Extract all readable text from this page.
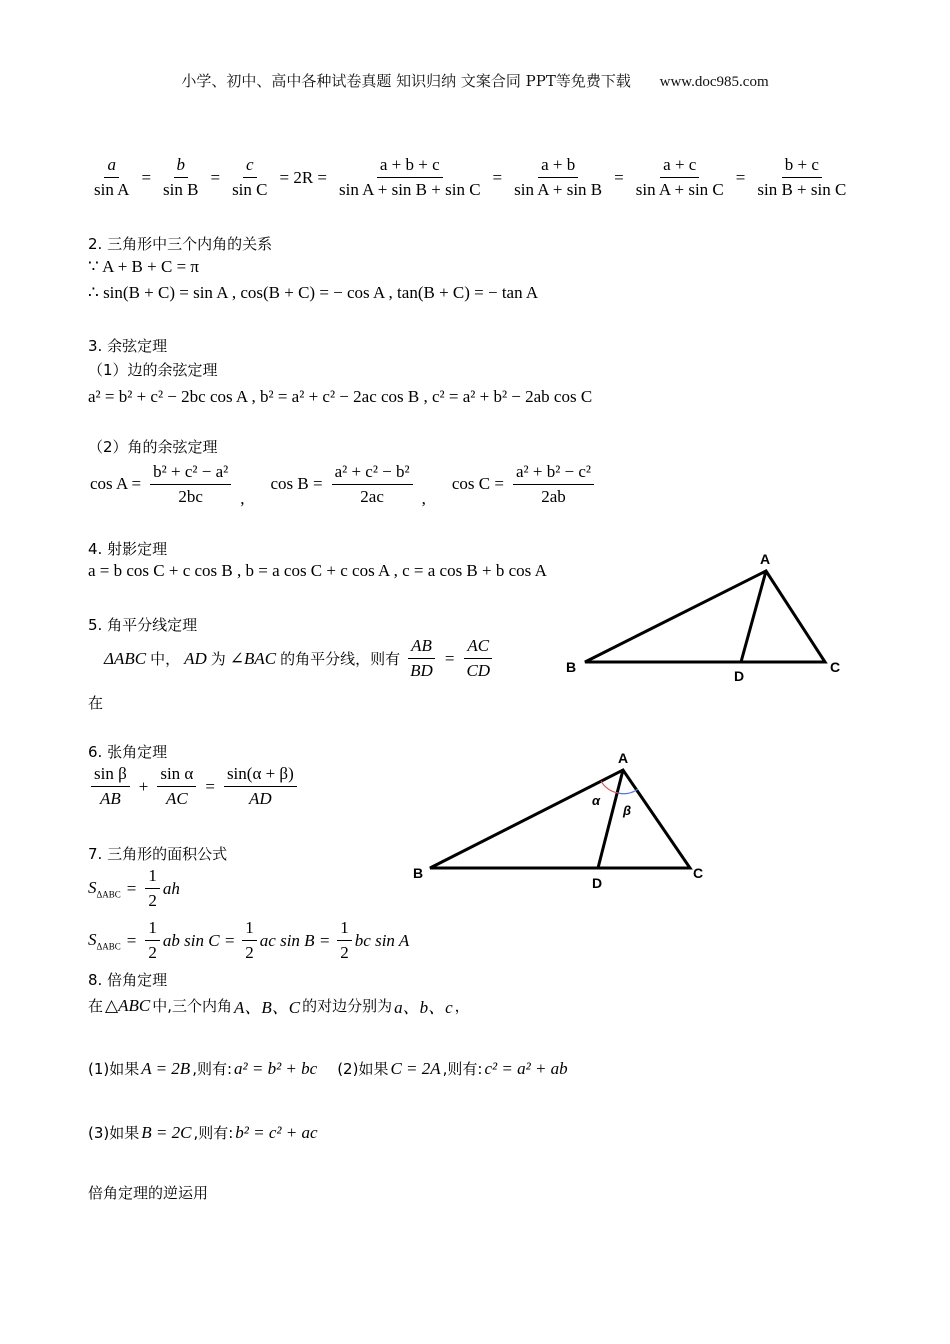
小学、初中、高中各种试卷真题 知识归纳 文案合同 PPT等免费下载 www.doc985.com
$\frac{a}{\text{sin A}} = \frac{b}{\text{sin B}} = \frac{c}{\text{sin C}} = 2R = \frac{a + b + c}{\text{sin A + sin B + sin C}} = \frac{a + b}{\text{sin A + sin B}} = \frac{a + c}{\text{sin A + sin C}} = \frac{b + c}{\text{sin B + sin C}}$
2. 三角形中三个内角的关系
∵ A + B + C = π
∴ sin(B + C) = sin A , cos(B + C) = − cos A , tan(B + C) = − tan A
3. 余弦定理
（1）边的余弦定理
a² = b² + c² − 2bc cos A , b² = a² + c² − 2ac cos B , c² = a² + b² − 2ab cos C
（2）角的余弦定理
$\cos A = \frac{\text{b² + c² − a²}}{2bc}$ ,
$\cos B = \frac{\text{a² + c² − b²}}{2ac}$ ,
$\cos C = \frac{\text{a² + b² − c²}}{2ab}$
4. 射影定理
a = b cos C + c cos B , b = a cos C + c cos A , c = a cos B + b cos A
5. 角平分线定理
ΔABC 中， AD 为 ∠BAC 的角平分线，则有 $\frac{AB}{BD} = \frac{AC}{CD}$
在
A
B	C
D
6. 张角定理
$\frac{\text{sin β}}{AB} + \frac{\text{sin α}}{AC} = \frac{\sin(\alpha + \beta)}{AD}$
A
B	C
D
α
β
7. 三角形的面积公式
$S_{\Delta ABC} = \frac{1}{2}$ ah
$S_{\Delta ABC} = \frac{1}{2}$ ab $\sin C = \frac{1}{2}$ ac $\sin B = \frac{1}{2}$ bc sin A
8. 倍角定理
在 △ABC 中,三个内角 A、B、C 的对边分别为 a、b、c ，
(1)如果 A = 2B ,则有: a² = b² + bc (2)如果 C = 2A ,则有: c² = a² + ab
(3)如果 B = 2C ,则有: b² = c² + ac
倍角定理的逆运用
